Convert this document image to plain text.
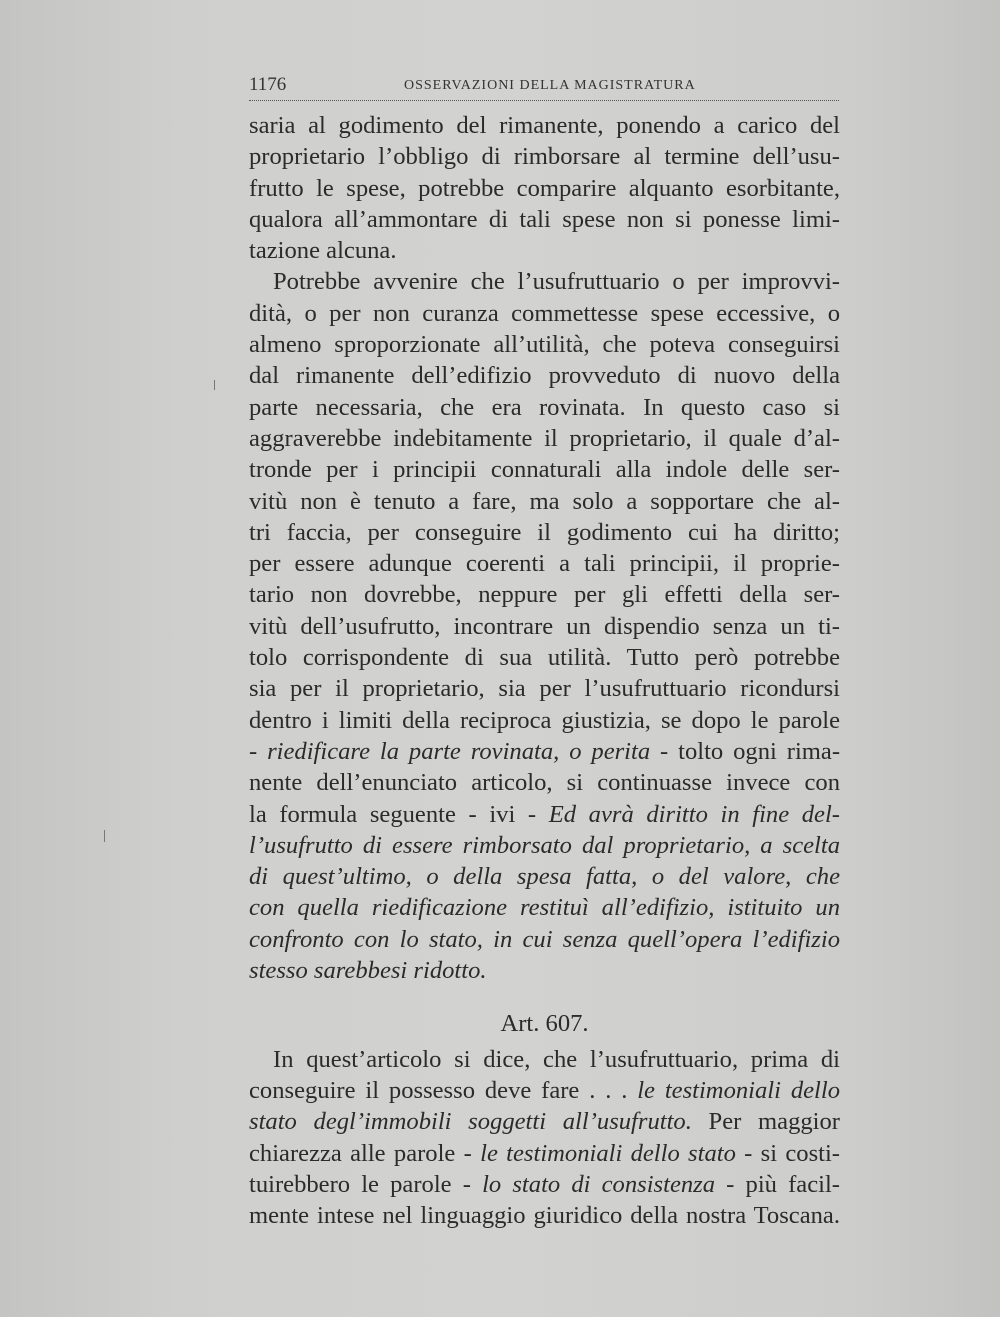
1176	OSSERVAZIONI DELLA MAGISTRATURA
saria al godimento del rimanente, ponendo a carico del
proprietario l’obbligo di rimborsare al termine dell’usu-
frutto le spese, potrebbe comparire alquanto esorbitante,
qualora all’ammontare di tali spese non si ponesse limi-
tazione alcuna.
Potrebbe avvenire che l’usufruttuario o per improvvi-
dità, o per non curanza commettesse spese eccessive, o
almeno sproporzionate all’utilità, che poteva conseguirsi
dal rimanente dell’edifizio provveduto di nuovo della
parte necessaria, che era rovinata. In questo caso si
aggraverebbe indebitamente il proprietario, il quale d’al-
tronde per i principii connaturali alla indole delle ser-
vitù non è tenuto a fare, ma solo a sopportare che al-
tri faccia, per conseguire il godimento cui ha diritto;
per essere adunque coerenti a tali principii, il proprie-
tario non dovrebbe, neppure per gli effetti della ser-
vitù dell’usufrutto, incontrare un dispendio senza un ti-
tolo corrispondente di sua utilità. Tutto però potrebbe
sia per il proprietario, sia per l’usufruttuario ricondursi
dentro i limiti della reciproca giustizia, se dopo le parole
- riedificare la parte rovinata, o perita - tolto ogni rima-
nente dell’enunciato articolo, si continuasse invece con
la formula seguente - ivi - Ed avrà diritto in fine del-
l’usufrutto di essere rimborsato dal proprietario, a scelta
di quest’ultimo, o della spesa fatta, o del valore, che
con quella riedificazione restituì all’edifizio, istituito un
confronto con lo stato, in cui senza quell’opera l’edifizio
stesso sarebbesi ridotto.
Art. 607.
In quest’articolo si dice, che l’usufruttuario, prima di
conseguire il possesso deve fare . . . le testimoniali dello
stato degl’immobili soggetti all’usufrutto. Per maggior
chiarezza alle parole - le testimoniali dello stato - si costi-
tuirebbero le parole - lo stato di consistenza - più facil-
mente intese nel linguaggio giuridico della nostra Toscana.
